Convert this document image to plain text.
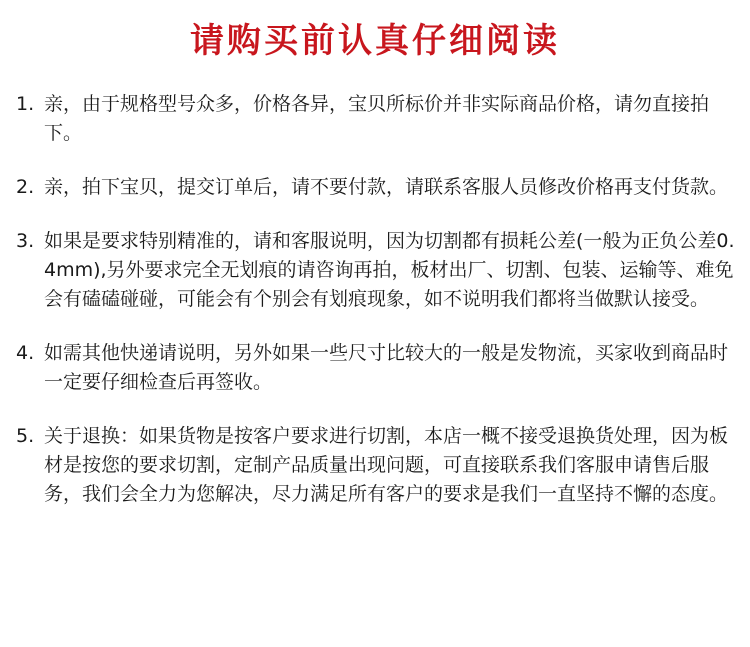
请购买前认真仔细阅读
1. 亲，由于规格型号众多，价格各异，宝贝所标价并非实际商品价格，请勿直接拍下。
2. 亲，拍下宝贝，提交订单后，请不要付款，请联系客服人员修改价格再支付货款。
3. 如果是要求特别精准的，请和客服说明，因为切割都有损耗公差(一般为正负公差0.4mm),另外要求完全无划痕的请咨询再拍，板材出厂、切割、包装、运输等、难免会有磕磕碰碰，可能会有个别会有划痕现象，如不说明我们都将当做默认接受。
4. 如需其他快递请说明，另外如果一些尺寸比较大的一般是发物流，买家收到商品时一定要仔细检查后再签收。
5. 关于退换：如果货物是按客户要求进行切割，本店一概不接受退换货处理，因为板材是按您的要求切割，定制产品质量出现问题，可直接联系我们客服申请售后服务，我们会全力为您解决，尽力满足所有客户的要求是我们一直坚持不懈的态度。
